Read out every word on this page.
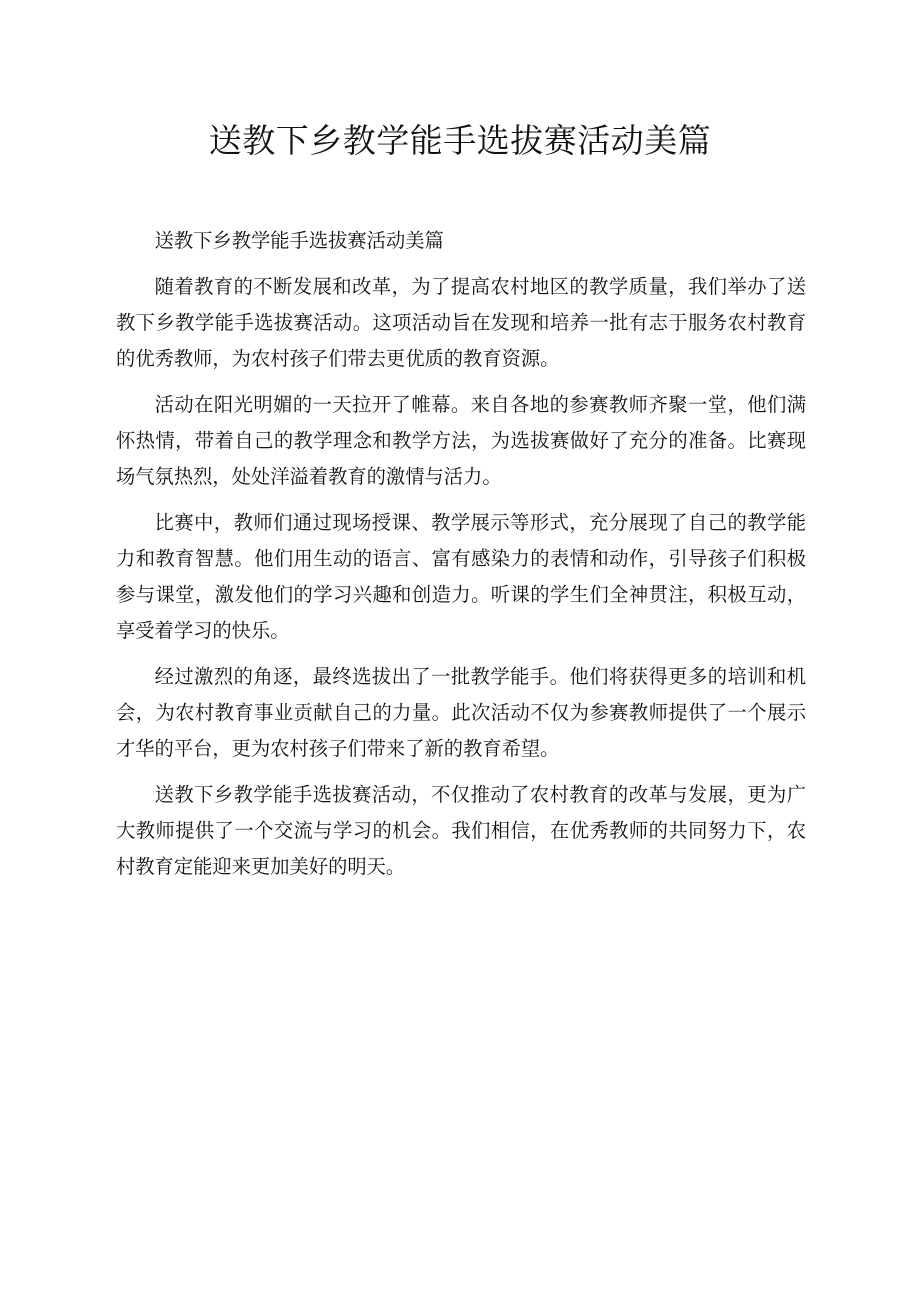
送教下乡教学能手选拔赛活动美篇

送教下乡教学能手选拔赛活动美篇

随着教育的不断发展和改革，为了提高农村地区的教学质量，我们举办了送教下乡教学能手选拔赛活动。这项活动旨在发现和培养一批有志于服务农村教育的优秀教师，为农村孩子们带去更优质的教育资源。

活动在阳光明媚的一天拉开了帷幕。来自各地的参赛教师齐聚一堂，他们满怀热情，带着自己的教学理念和教学方法，为选拔赛做好了充分的准备。比赛现场气氛热烈，处处洋溢着教育的激情与活力。

比赛中，教师们通过现场授课、教学展示等形式，充分展现了自己的教学能力和教育智慧。他们用生动的语言、富有感染力的表情和动作，引导孩子们积极参与课堂，激发他们的学习兴趣和创造力。听课的学生们全神贯注，积极互动，享受着学习的快乐。

经过激烈的角逐，最终选拔出了一批教学能手。他们将获得更多的培训和机会，为农村教育事业贡献自己的力量。此次活动不仅为参赛教师提供了一个展示才华的平台，更为农村孩子们带来了新的教育希望。

送教下乡教学能手选拔赛活动，不仅推动了农村教育的改革与发展，更为广大教师提供了一个交流与学习的机会。我们相信，在优秀教师的共同努力下，农村教育定能迎来更加美好的明天。
